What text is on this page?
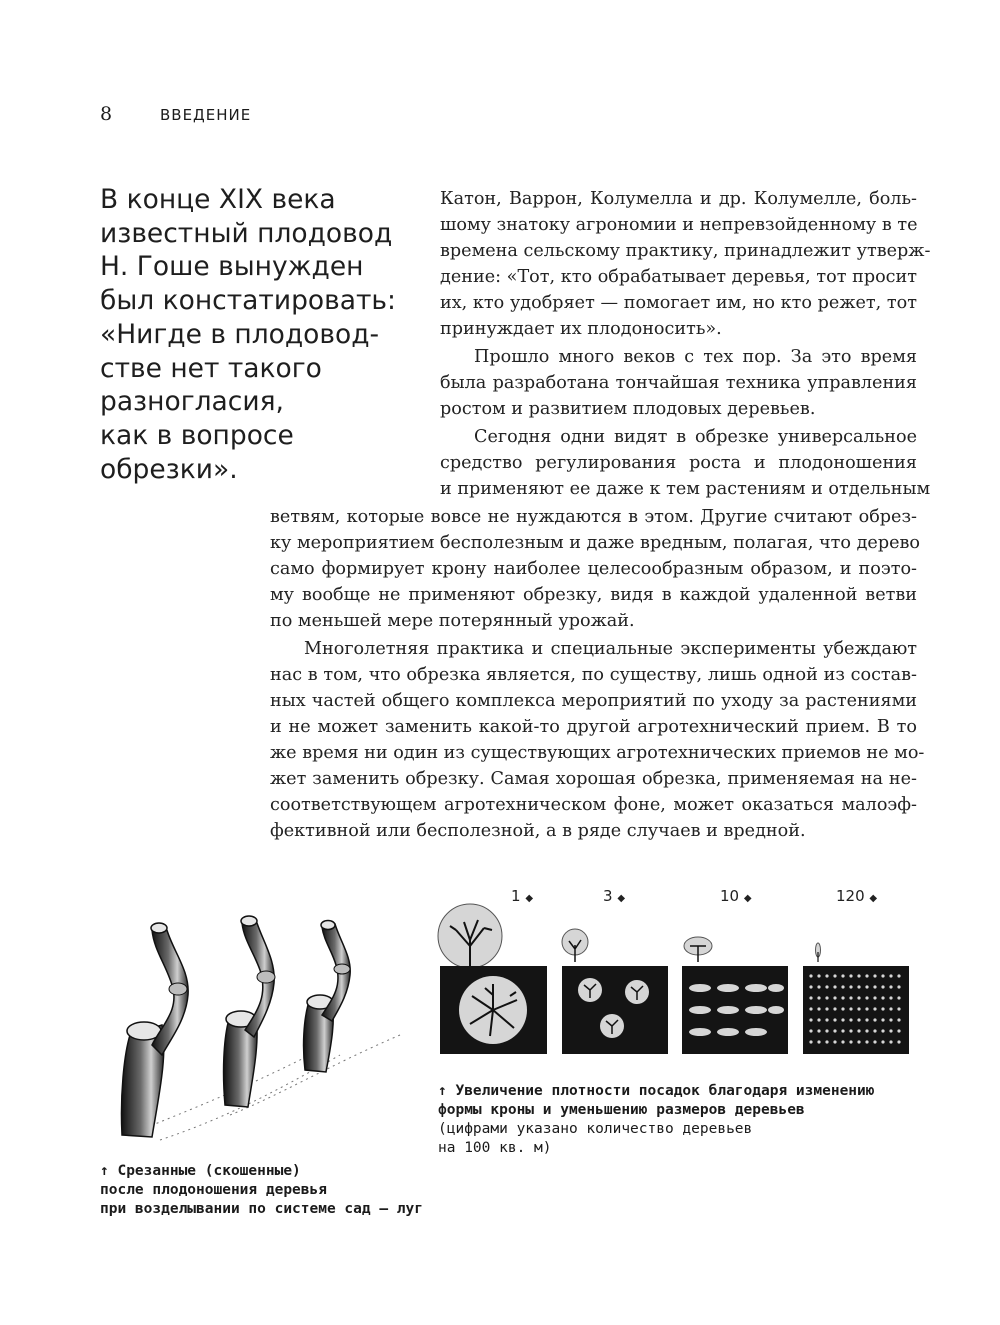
8	ВВЕДЕНИЕ
В конце XIX века
известный плодовод
Н. Гоше вынужден
был констатировать:
«Нигде в плодовод-
стве нет такого
разногласия,
как в вопросе
обрезки».
Катон, Варрон, Колумелла и др. Колумелле, боль-
шому знатоку агрономии и непревзойденному в те
времена сельскому практику, принадлежит утверж-
дение: «Тот, кто обрабатывает деревья, тот просит
их, кто удобряет — помогает им, но кто режет, тот
принуждает их плодоносить».
Прошло много веков с тех пор. За это время
была разработана тончайшая техника управления
ростом и развитием плодовых деревьев.
Сегодня одни видят в обрезке универсальное
средство регулирования роста и плодоношения
и применяют ее даже к тем растениям и отдельным
ветвям, которые вовсе не нуждаются в этом. Другие считают обрез-
ку мероприятием бесполезным и даже вредным, полагая, что дерево
само формирует крону наиболее целесообразным образом, и поэто-
му вообще не применяют обрезку, видя в каждой удаленной ветви
по меньшей мере потерянный урожай.
Многолетняя практика и специальные эксперименты убеждают
нас в том, что обрезка является, по существу, лишь одной из состав-
ных частей общего комплекса мероприятий по уходу за растениями
и не может заменить какой-то другой агротехнический прием. В то
же время ни один из существующих агротехнических приемов не мо-
жет заменить обрезку. Самая хорошая обрезка, применяемая на не-
соответствующем агротехническом фоне, может оказаться малоэф-
фективной или бесполезной, а в ряде случаев и вредной.
↑ Срезанные (скошенные)
после плодоношения деревья
при возделывании по системе сад — луг
1 ◆	3 ◆	10 ◆	120 ◆
↑ Увеличение плотности посадок благодаря изменению
формы кроны и уменьшению размеров деревьев
(цифрами указано количество деревьев
на 100 кв. м)
